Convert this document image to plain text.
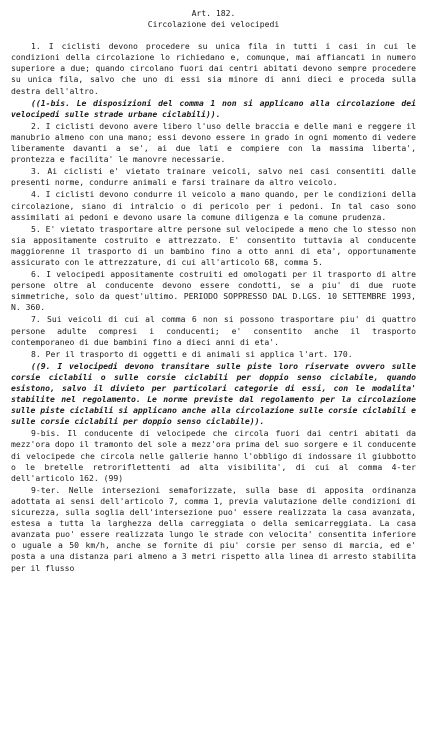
Art. 182.
Circolazione dei velocipedi

1. I ciclisti devono procedere su unica fila in tutti i casi in cui le condizioni della circolazione lo richiedano e, comunque, mai affiancati in numero superiore a due; quando circolano fuori dai centri abitati devono sempre procedere su unica fila, salvo che uno di essi sia minore di anni dieci e proceda sulla destra dell'altro.

((1-bis. Le disposizioni del comma 1 non si applicano alla circolazione dei velocipedi sulle strade urbane ciclabili)).

2. I ciclisti devono avere libero l'uso delle braccia e delle mani e reggere il manubrio almeno con una mano; essi devono essere in grado in ogni momento di vedere liberamente davanti a se', ai due lati e compiere con la massima liberta', prontezza e facilita' le manovre necessarie.

3. Ai ciclisti e' vietato trainare veicoli, salvo nei casi consentiti dalle presenti norme, condurre animali e farsi trainare da altro veicolo.

4. I ciclisti devono condurre il veicolo a mano quando, per le condizioni della circolazione, siano di intralcio o di pericolo per i pedoni. In tal caso sono assimilati ai pedoni e devono usare la comune diligenza e la comune prudenza.

5. E' vietato trasportare altre persone sul velocipede a meno che lo stesso non sia appositamente costruito e attrezzato. E' consentito tuttavia al conducente maggiorenne il trasporto di un bambino fino a otto anni di eta', opportunamente assicurato con le attrezzature, di cui all'articolo 68, comma 5.

6. I velocipedi appositamente costruiti ed omologati per il trasporto di altre persone oltre al conducente devono essere condotti, se a piu' di due ruote simmetriche, solo da quest'ultimo. PERIODO SOPPRESSO DAL D.LGS. 10 SETTEMBRE 1993, N. 360.

7. Sui veicoli di cui al comma 6 non si possono trasportare piu' di quattro persone adulte compresi i conducenti; e' consentito anche il trasporto contemporaneo di due bambini fino a dieci anni di eta'.

8. Per il trasporto di oggetti e di animali si applica l'art. 170.

((9. I velocipedi devono transitare sulle piste loro riservate ovvero sulle corsie ciclabili o sulle corsie ciclabili per doppio senso ciclabile, quando esistono, salvo il divieto per particolari categorie di essi, con le modalita' stabilite nel regolamento. Le norme previste dal regolamento per la circolazione sulle piste ciclabili si applicano anche alla circolazione sulle corsie ciclabili e sulle corsie ciclabili per doppio senso ciclabile)).

9-bis. Il conducente di velocipede che circola fuori dai centri abitati da mezz'ora dopo il tramonto del sole a mezz'ora prima del suo sorgere e il conducente di velocipede che circola nelle gallerie hanno l'obbligo di indossare il giubbotto o le bretelle retroriflettenti ad alta visibilita', di cui al comma 4-ter dell'articolo 162. (99)

9-ter. Nelle intersezioni semaforizzate, sulla base di apposita ordinanza adottata ai sensi dell'articolo 7, comma 1, previa valutazione delle condizioni di sicurezza, sulla soglia dell'intersezione puo' essere realizzata la casa avanzata, estesa a tutta la larghezza della carreggiata o della semicarreggiata. La casa avanzata puo' essere realizzata lungo le strade con velocita' consentita inferiore o uguale a 50 km/h, anche se fornite di piu' corsie per senso di marcia, ed e' posta a una distanza pari almeno a 3 metri rispetto alla linea di arresto stabilita per il flusso
